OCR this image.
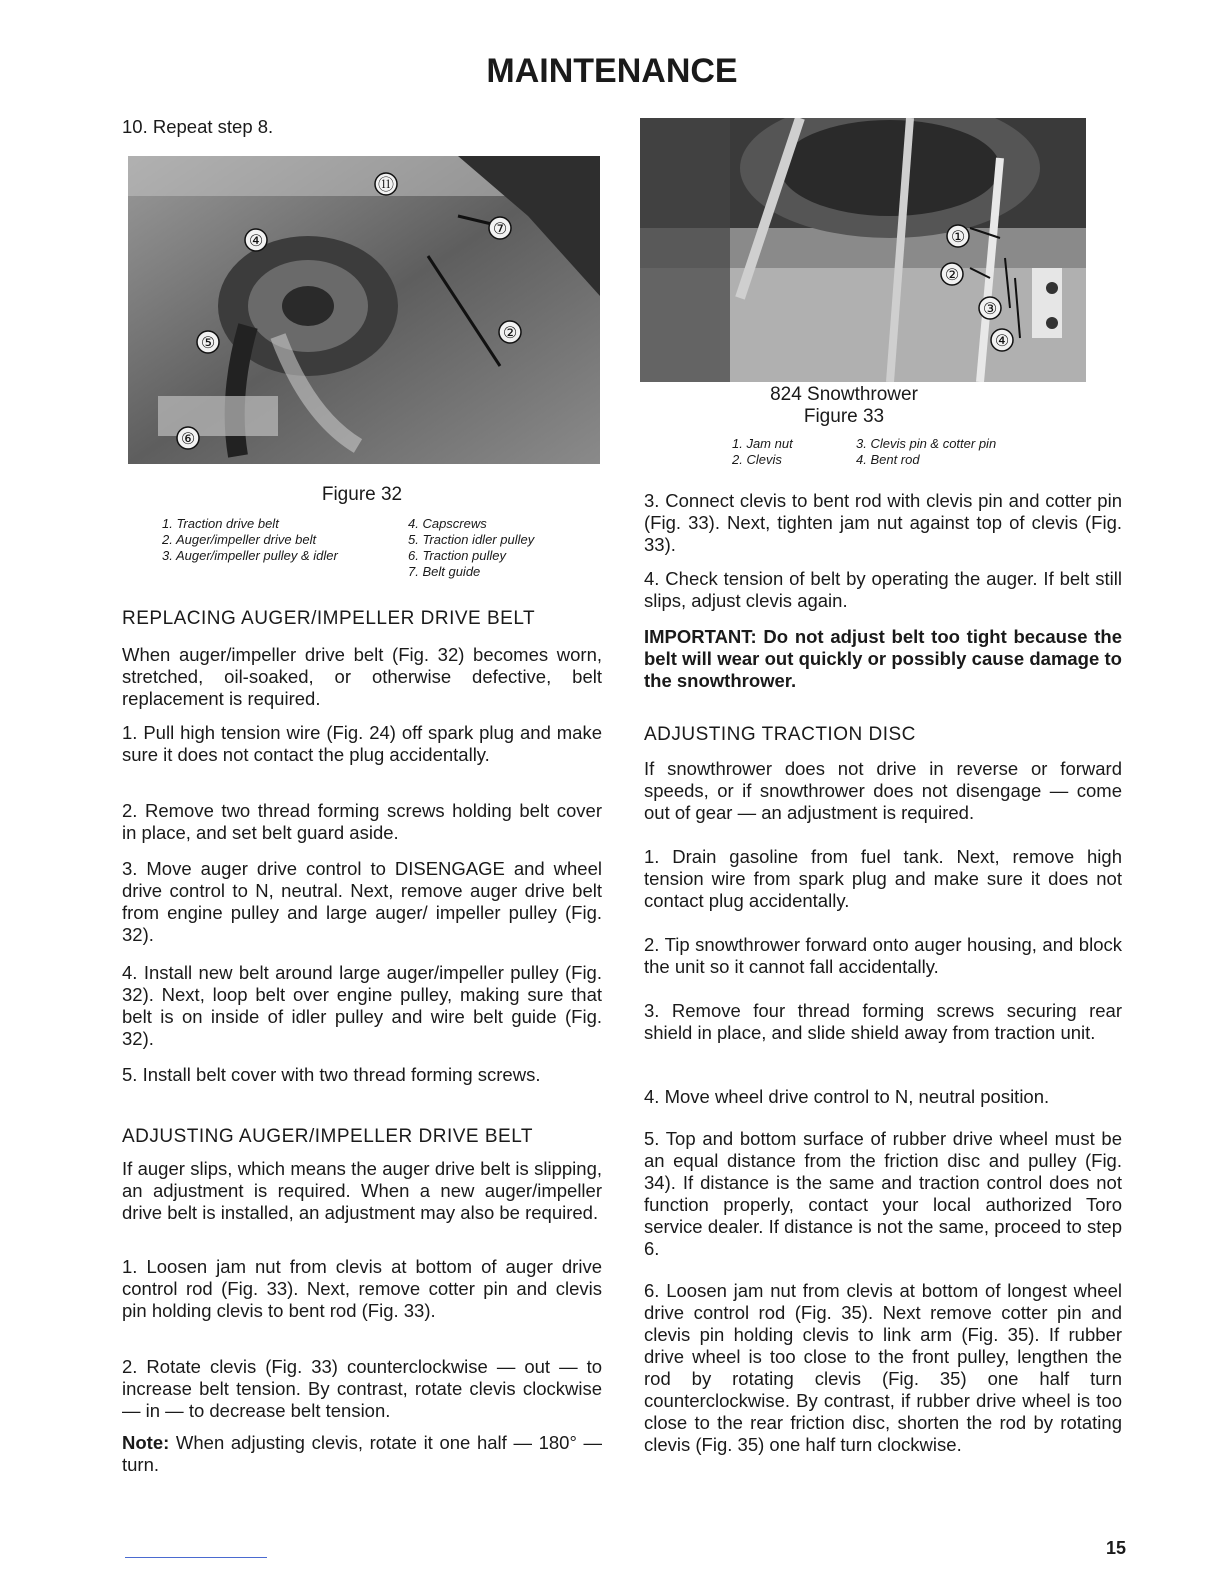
MAINTENANCE
10. Repeat step 8.
⑪
⑦
④
⑤
②
⑥
Figure 32
1. Traction drive belt
2. Auger/impeller drive belt
3. Auger/impeller pulley & idler
4. Capscrews
5. Traction idler pulley
6. Traction pulley
7. Belt guide
REPLACING AUGER/IMPELLER DRIVE BELT
When auger/impeller drive belt (Fig. 32) becomes worn, stretched, oil-soaked, or otherwise defective, belt replacement is required.
1. Pull high tension wire (Fig. 24) off spark plug and make sure it does not contact the plug accidentally.
2. Remove two thread forming screws holding belt cover in place, and set belt guard aside.
3. Move auger drive control to DISENGAGE and wheel drive control to N, neutral. Next, remove auger drive belt from engine pulley and large auger/ impeller pulley (Fig. 32).
4. Install new belt around large auger/impeller pulley (Fig. 32). Next, loop belt over engine pulley, making sure that belt is on inside of idler pulley and wire belt guide (Fig. 32).
5. Install belt cover with two thread forming screws.
ADJUSTING AUGER/IMPELLER DRIVE BELT
If auger slips, which means the auger drive belt is slipping, an adjustment is required. When a new auger/impeller drive belt is installed, an adjustment may also be required.
1. Loosen jam nut from clevis at bottom of auger drive control rod (Fig. 33). Next, remove cotter pin and clevis pin holding clevis to bent rod (Fig. 33).
2. Rotate clevis (Fig. 33) counterclockwise — out — to increase belt tension. By contrast, rotate clevis clockwise — in — to decrease belt tension.
Note: When adjusting clevis, rotate it one half — 180° — turn.
①
②
③
④
824 Snowthrower
Figure 33
1. Jam nut
2. Clevis
3. Clevis pin & cotter pin
4. Bent rod
3. Connect clevis to bent rod with clevis pin and cotter pin (Fig. 33). Next, tighten jam nut against top of clevis (Fig. 33).
4. Check tension of belt by operating the auger. If belt still slips, adjust clevis again.
IMPORTANT: Do not adjust belt too tight because the belt will wear out quickly or possibly cause damage to the snowthrower.
ADJUSTING TRACTION DISC
If snowthrower does not drive in reverse or forward speeds, or if snowthrower does not disengage — come out of gear — an adjustment is required.
1. Drain gasoline from fuel tank. Next, remove high tension wire from spark plug and make sure it does not contact plug accidentally.
2. Tip snowthrower forward onto auger housing, and block the unit so it cannot fall accidentally.
3. Remove four thread forming screws securing rear shield in place, and slide shield away from traction unit.
4. Move wheel drive control to N, neutral position.
5. Top and bottom surface of rubber drive wheel must be an equal distance from the friction disc and pulley (Fig. 34). If distance is the same and traction control does not function properly, contact your local authorized Toro service dealer. If distance is not the same, proceed to step 6.
6. Loosen jam nut from clevis at bottom of longest wheel drive control rod (Fig. 35). Next remove cotter pin and clevis pin holding clevis to link arm (Fig. 35). If rubber drive wheel is too close to the front pulley, lengthen the rod by rotating clevis (Fig. 35) one half turn counterclockwise. By contrast, if rubber drive wheel is too close to the rear friction disc, shorten the rod by rotating clevis (Fig. 35) one half turn clockwise.
15
